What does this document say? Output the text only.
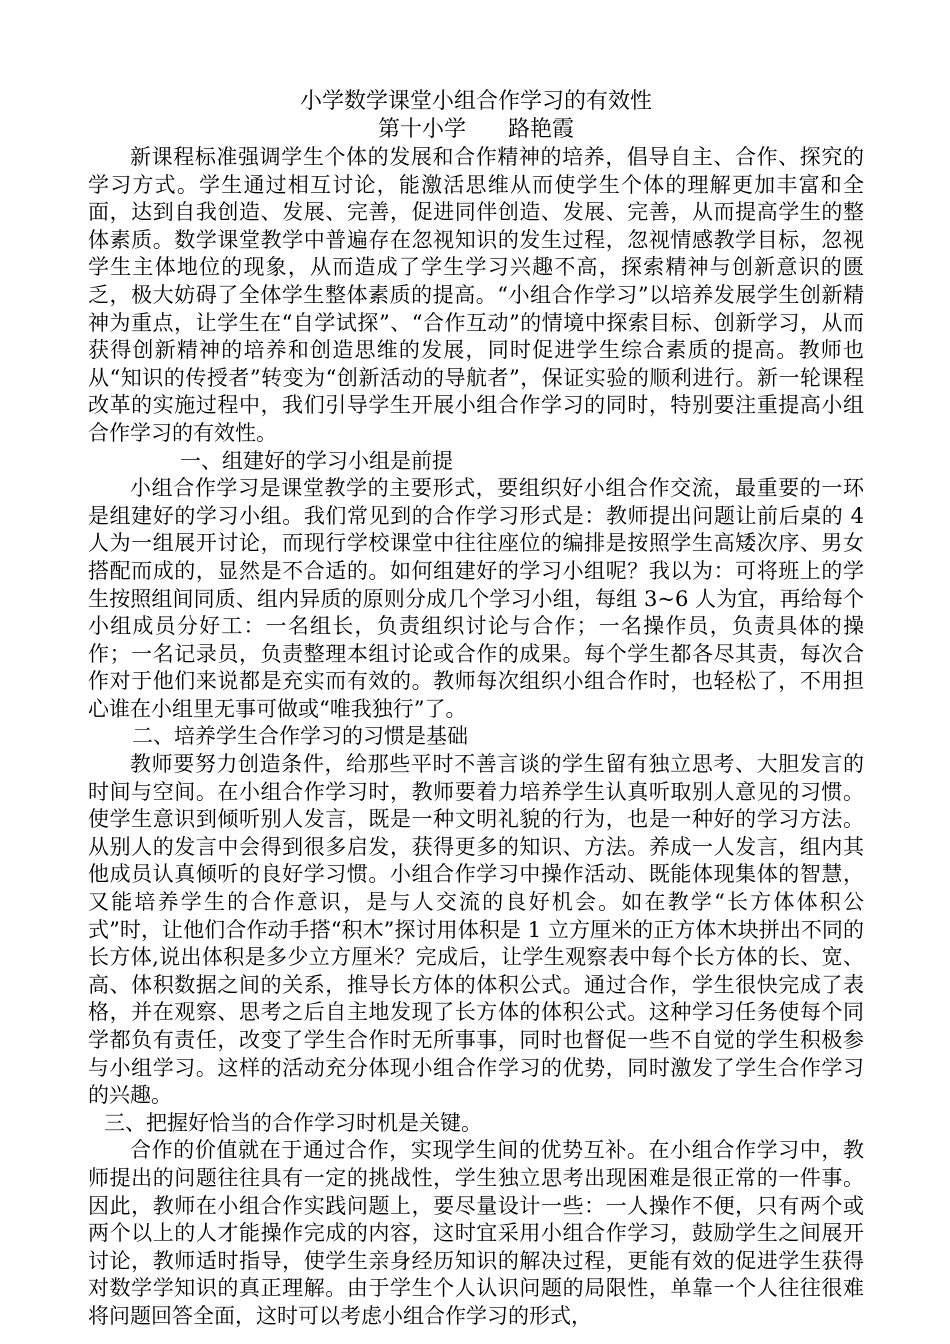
小学数学课堂小组合作学习的有效性

第十小学      路艳霞

新课程标准强调学生个体的发展和合作精神的培养，倡导自主、合作、探究的学习方式。学生通过相互讨论，能激活思维从而使学生个体的理解更加丰富和全面，达到自我创造、发展、完善，促进同伴创造、发展、完善，从而提高学生的整体素质。数学课堂教学中普遍存在忽视知识的发生过程，忽视情感教学目标，忽视学生主体地位的现象，从而造成了学生学习兴趣不高，探索精神与创新意识的匮乏，极大妨碍了全体学生整体素质的提高。“小组合作学习”以培养发展学生创新精神为重点，让学生在“自学试探”、“合作互动”的情境中探索目标、创新学习，从而获得创新精神的培养和创造思维的发展，同时促进学生综合素质的提高。教师也从“知识的传授者”转变为“创新活动的导航者”，保证实验的顺利进行。新一轮课程改革的实施过程中，我们引导学生开展小组合作学习的同时，特别要注重提高小组合作学习的有效性。

一、组建好的学习小组是前提

小组合作学习是课堂教学的主要形式，要组织好小组合作交流，最重要的一环是组建好的学习小组。我们常见到的合作学习形式是：教师提出问题让前后桌的 4 人为一组展开讨论，而现行学校课堂中往往座位的编排是按照学生高矮次序、男女搭配而成的，显然是不合适的。如何组建好的学习小组呢？我以为：可将班上的学生按照组间同质、组内异质的原则分成几个学习小组，每组 3~6 人为宜，再给每个小组成员分好工：一名组长，负责组织讨论与合作；一名操作员，负责具体的操作；一名记录员，负责整理本组讨论或合作的成果。每个学生都各尽其责，每次合作对于他们来说都是充实而有效的。教师每次组织小组合作时，也轻松了，不用担心谁在小组里无事可做或“唯我独行”了。

二、培养学生合作学习的习惯是基础

教师要努力创造条件，给那些平时不善言谈的学生留有独立思考、大胆发言的时间与空间。在小组合作学习时，教师要着力培养学生认真听取别人意见的习惯。使学生意识到倾听别人发言，既是一种文明礼貌的行为，也是一种好的学习方法。从别人的发言中会得到很多启发，获得更多的知识、方法。养成一人发言，组内其他成员认真倾听的良好学习惯。小组合作学习中操作活动、既能体现集体的智慧，又能培养学生的合作意识，是与人交流的良好机会。如在教学“长方体体积公式”时，让他们合作动手搭“积木”探讨用体积是 1 立方厘米的正方体木块拼出不同的长方体,说出体积是多少立方厘米？完成后，让学生观察表中每个长方体的长、宽、高、体积数据之间的关系，推导长方体的体积公式。通过合作，学生很快完成了表格，并在观察、思考之后自主地发现了长方体的体积公式。这种学习任务使每个同学都负有责任，改变了学生合作时无所事事，同时也督促一些不自觉的学生积极参与小组学习。这样的活动充分体现小组合作学习的优势，同时激发了学生合作学习的兴趣。

三、把握好恰当的合作学习时机是关键。

合作的价值就在于通过合作，实现学生间的优势互补。在小组合作学习中，教师提出的问题往往具有一定的挑战性，学生独立思考出现困难是很正常的一件事。因此，教师在小组合作实践问题上，要尽量设计一些：一人操作不便，只有两个或两个以上的人才能操作完成的内容，这时宜采用小组合作学习，鼓励学生之间展开讨论，教师适时指导，使学生亲身经历知识的解决过程，更能有效的促进学生获得对数学学知识的真正理解。由于学生个人认识问题的局限性，单靠一个人往往很难将问题回答全面，这时可以考虑小组合作学习的形式，
